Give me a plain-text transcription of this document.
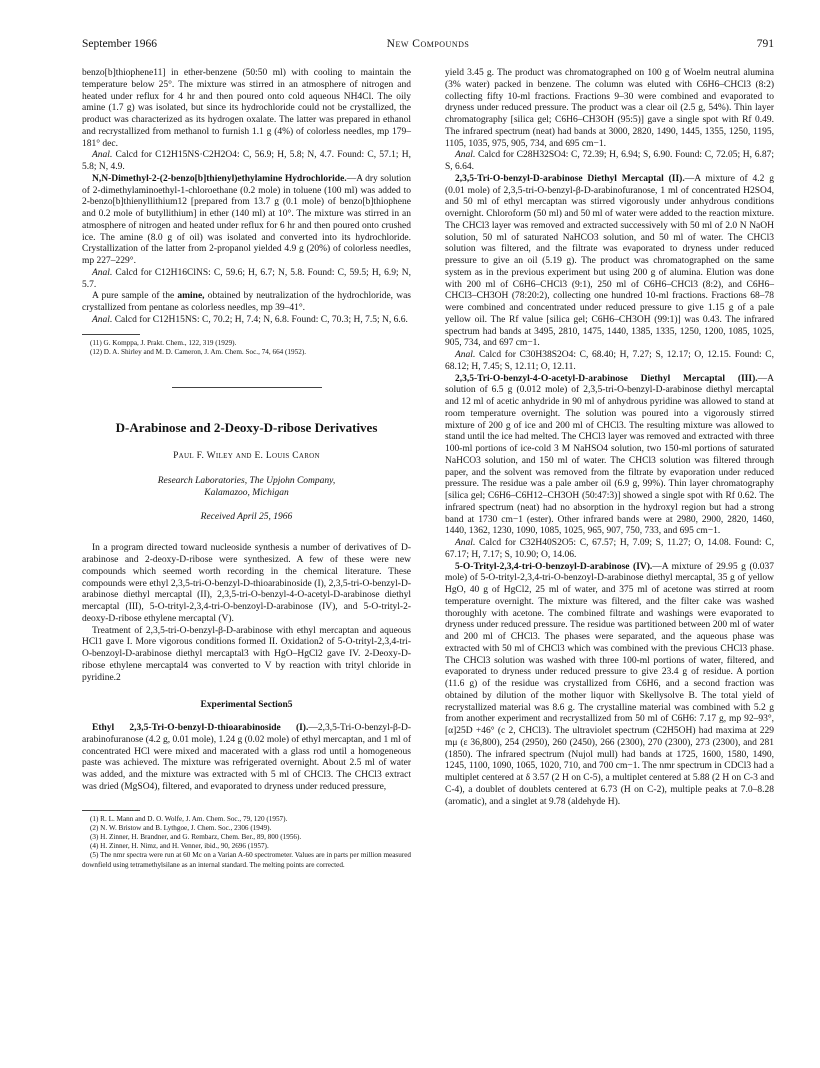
September 1966	New Compounds	791

benzo[b]thiophene11] in ether-benzene (50:50 ml) with cooling to maintain the temperature below 25°. The mixture was stirred in an atmosphere of nitrogen and heated under reflux for 4 hr and then poured onto cold aqueous NH4Cl. The oily amine (1.7 g) was isolated, but since its hydrochloride could not be crystallized, the product was characterized as its hydrogen oxalate. The latter was prepared in ethanol and recrystallized from methanol to furnish 1.1 g (4%) of colorless needles, mp 179–181° dec.

Anal. Calcd for C12H15NS·C2H2O4: C, 56.9; H, 5.8; N, 4.7. Found: C, 57.1; H, 5.8; N, 4.9.

N,N-Dimethyl-2-(2-benzo[b]thienyl)ethylamine Hydrochloride.—A dry solution of 2-dimethylaminoethyl-1-chloroethane (0.2 mole) in toluene (100 ml) was added to 2-benzo[b]thienyllithium12 [prepared from 13.7 g (0.1 mole) of benzo[b]thiophene and 0.2 mole of butyllithium] in ether (140 ml) at 10°. The mixture was stirred in an atmosphere of nitrogen and heated under reflux for 6 hr and then poured onto crushed ice. The amine (8.0 g of oil) was isolated and converted into its hydrochloride. Crystallization of the latter from 2-propanol yielded 4.9 g (20%) of colorless needles, mp 227–229°.

Anal. Calcd for C12H16ClNS: C, 59.6; H, 6.7; N, 5.8. Found: C, 59.5; H, 6.9; N, 5.7.

A pure sample of the amine, obtained by neutralization of the hydrochloride, was crystallized from pentane as colorless needles, mp 39–41°.

Anal. Calcd for C12H15NS: C, 70.2; H, 7.4; N, 6.8. Found: C, 70.3; H, 7.5; N, 6.6.

(11) G. Komppa, J. Prakt. Chem., 122, 319 (1929).

(12) D. A. Shirley and M. D. Cameron, J. Am. Chem. Soc., 74, 664 (1952).

D-Arabinose and 2-Deoxy-D-ribose Derivatives
Paul F. Wiley and E. Louis Caron
Research Laboratories, The Upjohn Company,
Kalamazoo, Michigan
Received April 25, 1966

In a program directed toward nucleoside synthesis a number of derivatives of D-arabinose and 2-deoxy-D-ribose were synthesized. A few of these were new compounds which seemed worth recording in the chemical literature. These compounds were ethyl 2,3,5-tri-O-benzyl-D-thioarabinoside (I), 2,3,5-tri-O-benzyl-D-arabinose diethyl mercaptal (II), 2,3,5-tri-O-benzyl-4-O-acetyl-D-arabinose diethyl mercaptal (III), 5-O-trityl-2,3,4-tri-O-benzoyl-D-arabinose (IV), and 5-O-trityl-2-deoxy-D-ribose ethylene mercaptal (V).

Treatment of 2,3,5-tri-O-benzyl-β-D-arabinose with ethyl mercaptan and aqueous HCl1 gave I. More vigorous conditions formed II. Oxidation2 of 5-O-trityl-2,3,4-tri-O-benzoyl-D-arabinose diethyl mercaptal3 with HgO–HgCl2 gave IV. 2-Deoxy-D-ribose ethylene mercaptal4 was converted to V by reaction with trityl chloride in pyridine.2

Experimental Section5

Ethyl 2,3,5-Tri-O-benzyl-D-thioarabinoside (I).—2,3,5-Tri-O-benzyl-β-D-arabinofuranose (4.2 g, 0.01 mole), 1.24 g (0.02 mole) of ethyl mercaptan, and 1 ml of concentrated HCl were mixed and macerated with a glass rod until a homogeneous paste was achieved. The mixture was refrigerated overnight. About 2.5 ml of water was added, and the mixture was extracted with 5 ml of CHCl3. The CHCl3 extract was dried (MgSO4), filtered, and evaporated to dryness under reduced pressure,

(1) R. L. Mann and D. O. Wolfe, J. Am. Chem. Soc., 79, 120 (1957).

(2) N. W. Bristow and B. Lythgoe, J. Chem. Soc., 2306 (1949).

(3) H. Zinner, H. Brandner, and G. Rembarz, Chem. Ber., 89, 800 (1956).

(4) H. Zinner, H. Nimz, and H. Venner, ibid., 90, 2696 (1957).

(5) The nmr spectra were run at 60 Mc on a Varian A-60 spectrometer. Values are in parts per million measured downfield using tetramethylsilane as an internal standard. The melting points are corrected.

yield 3.45 g. The product was chromatographed on 100 g of Woelm neutral alumina (3% water) packed in benzene. The column was eluted with C6H6–CHCl3 (8:2) collecting fifty 10-ml fractions. Fractions 9–30 were combined and evaporated to dryness under reduced pressure. The product was a clear oil (2.5 g, 54%). Thin layer chromatography [silica gel; C6H6–CH3OH (95:5)] gave a single spot with Rf 0.49. The infrared spectrum (neat) had bands at 3000, 2820, 1490, 1445, 1355, 1250, 1195, 1105, 1035, 975, 905, 734, and 695 cm−1.

Anal. Calcd for C28H32SO4: C, 72.39; H, 6.94; S, 6.90. Found: C, 72.05; H, 6.87; S, 6.64.

2,3,5-Tri-O-benzyl-D-arabinose Diethyl Mercaptal (II).—A mixture of 4.2 g (0.01 mole) of 2,3,5-tri-O-benzyl-β-D-arabinofuranose, 1 ml of concentrated H2SO4, and 50 ml of ethyl mercaptan was stirred vigorously under anhydrous conditions overnight. Chloroform (50 ml) and 50 ml of water were added to the reaction mixture. The CHCl3 layer was removed and extracted successively with 50 ml of 2.0 N NaOH solution, 50 ml of saturated NaHCO3 solution, and 50 ml of water. The CHCl3 solution was filtered, and the filtrate was evaporated to dryness under reduced pressure to give an oil (5.19 g). The product was chromatographed on the same system as in the previous experiment but using 200 g of alumina. Elution was done with 200 ml of C6H6–CHCl3 (9:1), 250 ml of C6H6–CHCl3 (8:2), and C6H6–CHCl3–CH3OH (78:20:2), collecting one hundred 10-ml fractions. Fractions 68–78 were combined and concentrated under reduced pressure to give 1.15 g of a pale yellow oil. The Rf value [silica gel; C6H6–CH3OH (99:1)] was 0.43. The infrared spectrum had bands at 3495, 2810, 1475, 1440, 1385, 1335, 1250, 1200, 1085, 1025, 905, 734, and 697 cm−1.

Anal. Calcd for C30H38S2O4: C, 68.40; H, 7.27; S, 12.17; O, 12.15. Found: C, 68.12; H, 7.45; S, 12.11; O, 12.11.

2,3,5-Tri-O-benzyl-4-O-acetyl-D-arabinose Diethyl Mercaptal (III).—A solution of 6.5 g (0.012 mole) of 2,3,5-tri-O-benzyl-D-arabinose diethyl mercaptal and 12 ml of acetic anhydride in 90 ml of anhydrous pyridine was allowed to stand at room temperature overnight. The solution was poured into a vigorously stirred mixture of 200 g of ice and 200 ml of CHCl3. The resulting mixture was allowed to stand until the ice had melted. The CHCl3 layer was removed and extracted with three 100-ml portions of ice-cold 3 M NaHSO4 solution, two 150-ml portions of saturated NaHCO3 solution, and 150 ml of water. The CHCl3 solution was filtered through paper, and the solvent was removed from the filtrate by evaporation under reduced pressure. The residue was a pale amber oil (6.9 g, 99%). Thin layer chromatography [silica gel; C6H6–C6H12–CH3OH (50:47:3)] showed a single spot with Rf 0.62. The infrared spectrum (neat) had no absorption in the hydroxyl region but had a strong band at 1730 cm−1 (ester). Other infrared bands were at 2980, 2900, 2820, 1460, 1440, 1362, 1230, 1090, 1085, 1025, 965, 907, 750, 733, and 695 cm−1.

Anal. Calcd for C32H40S2O5: C, 67.57; H, 7.09; S, 11.27; O, 14.08. Found: C, 67.17; H, 7.17; S, 10.90; O, 14.06.

5-O-Trityl-2,3,4-tri-O-benzoyl-D-arabinose (IV).—A mixture of 29.95 g (0.037 mole) of 5-O-trityl-2,3,4-tri-O-benzoyl-D-arabinose diethyl mercaptal, 35 g of yellow HgO, 40 g of HgCl2, 25 ml of water, and 375 ml of acetone was stirred at room temperature overnight. The mixture was filtered, and the filter cake was washed thoroughly with acetone. The combined filtrate and washings were evaporated to dryness under reduced pressure. The residue was partitioned between 200 ml of water and 200 ml of CHCl3. The phases were separated, and the aqueous phase was extracted with 50 ml of CHCl3 which was combined with the previous CHCl3 phase. The CHCl3 solution was washed with three 100-ml portions of water, filtered, and evaporated to dryness under reduced pressure to give 23.4 g of residue. A portion (11.6 g) of the residue was crystallized from C6H6, and a second fraction was obtained by dilution of the mother liquor with Skellysolve B. The total yield of recrystallized material was 8.6 g. The crystalline material was combined with 5.2 g from another experiment and recrystallized from 50 ml of C6H6: 7.17 g, mp 92–93°, [α]25D +46° (c 2, CHCl3). The ultraviolet spectrum (C2H5OH) had maxima at 229 mμ (ε 36,800), 254 (2950), 260 (2450), 266 (2300), 270 (2300), 273 (2300), and 281 (1850). The infrared spectrum (Nujol mull) had bands at 1725, 1600, 1580, 1490, 1245, 1100, 1090, 1065, 1020, 710, and 700 cm−1. The nmr spectrum in CDCl3 had a multiplet centered at δ 3.57 (2 H on C-5), a multiplet centered at 5.88 (2 H on C-3 and C-4), a doublet of doublets centered at 6.73 (H on C-2), multiple peaks at 7.0–8.28 (aromatic), and a singlet at 9.78 (aldehyde H).
